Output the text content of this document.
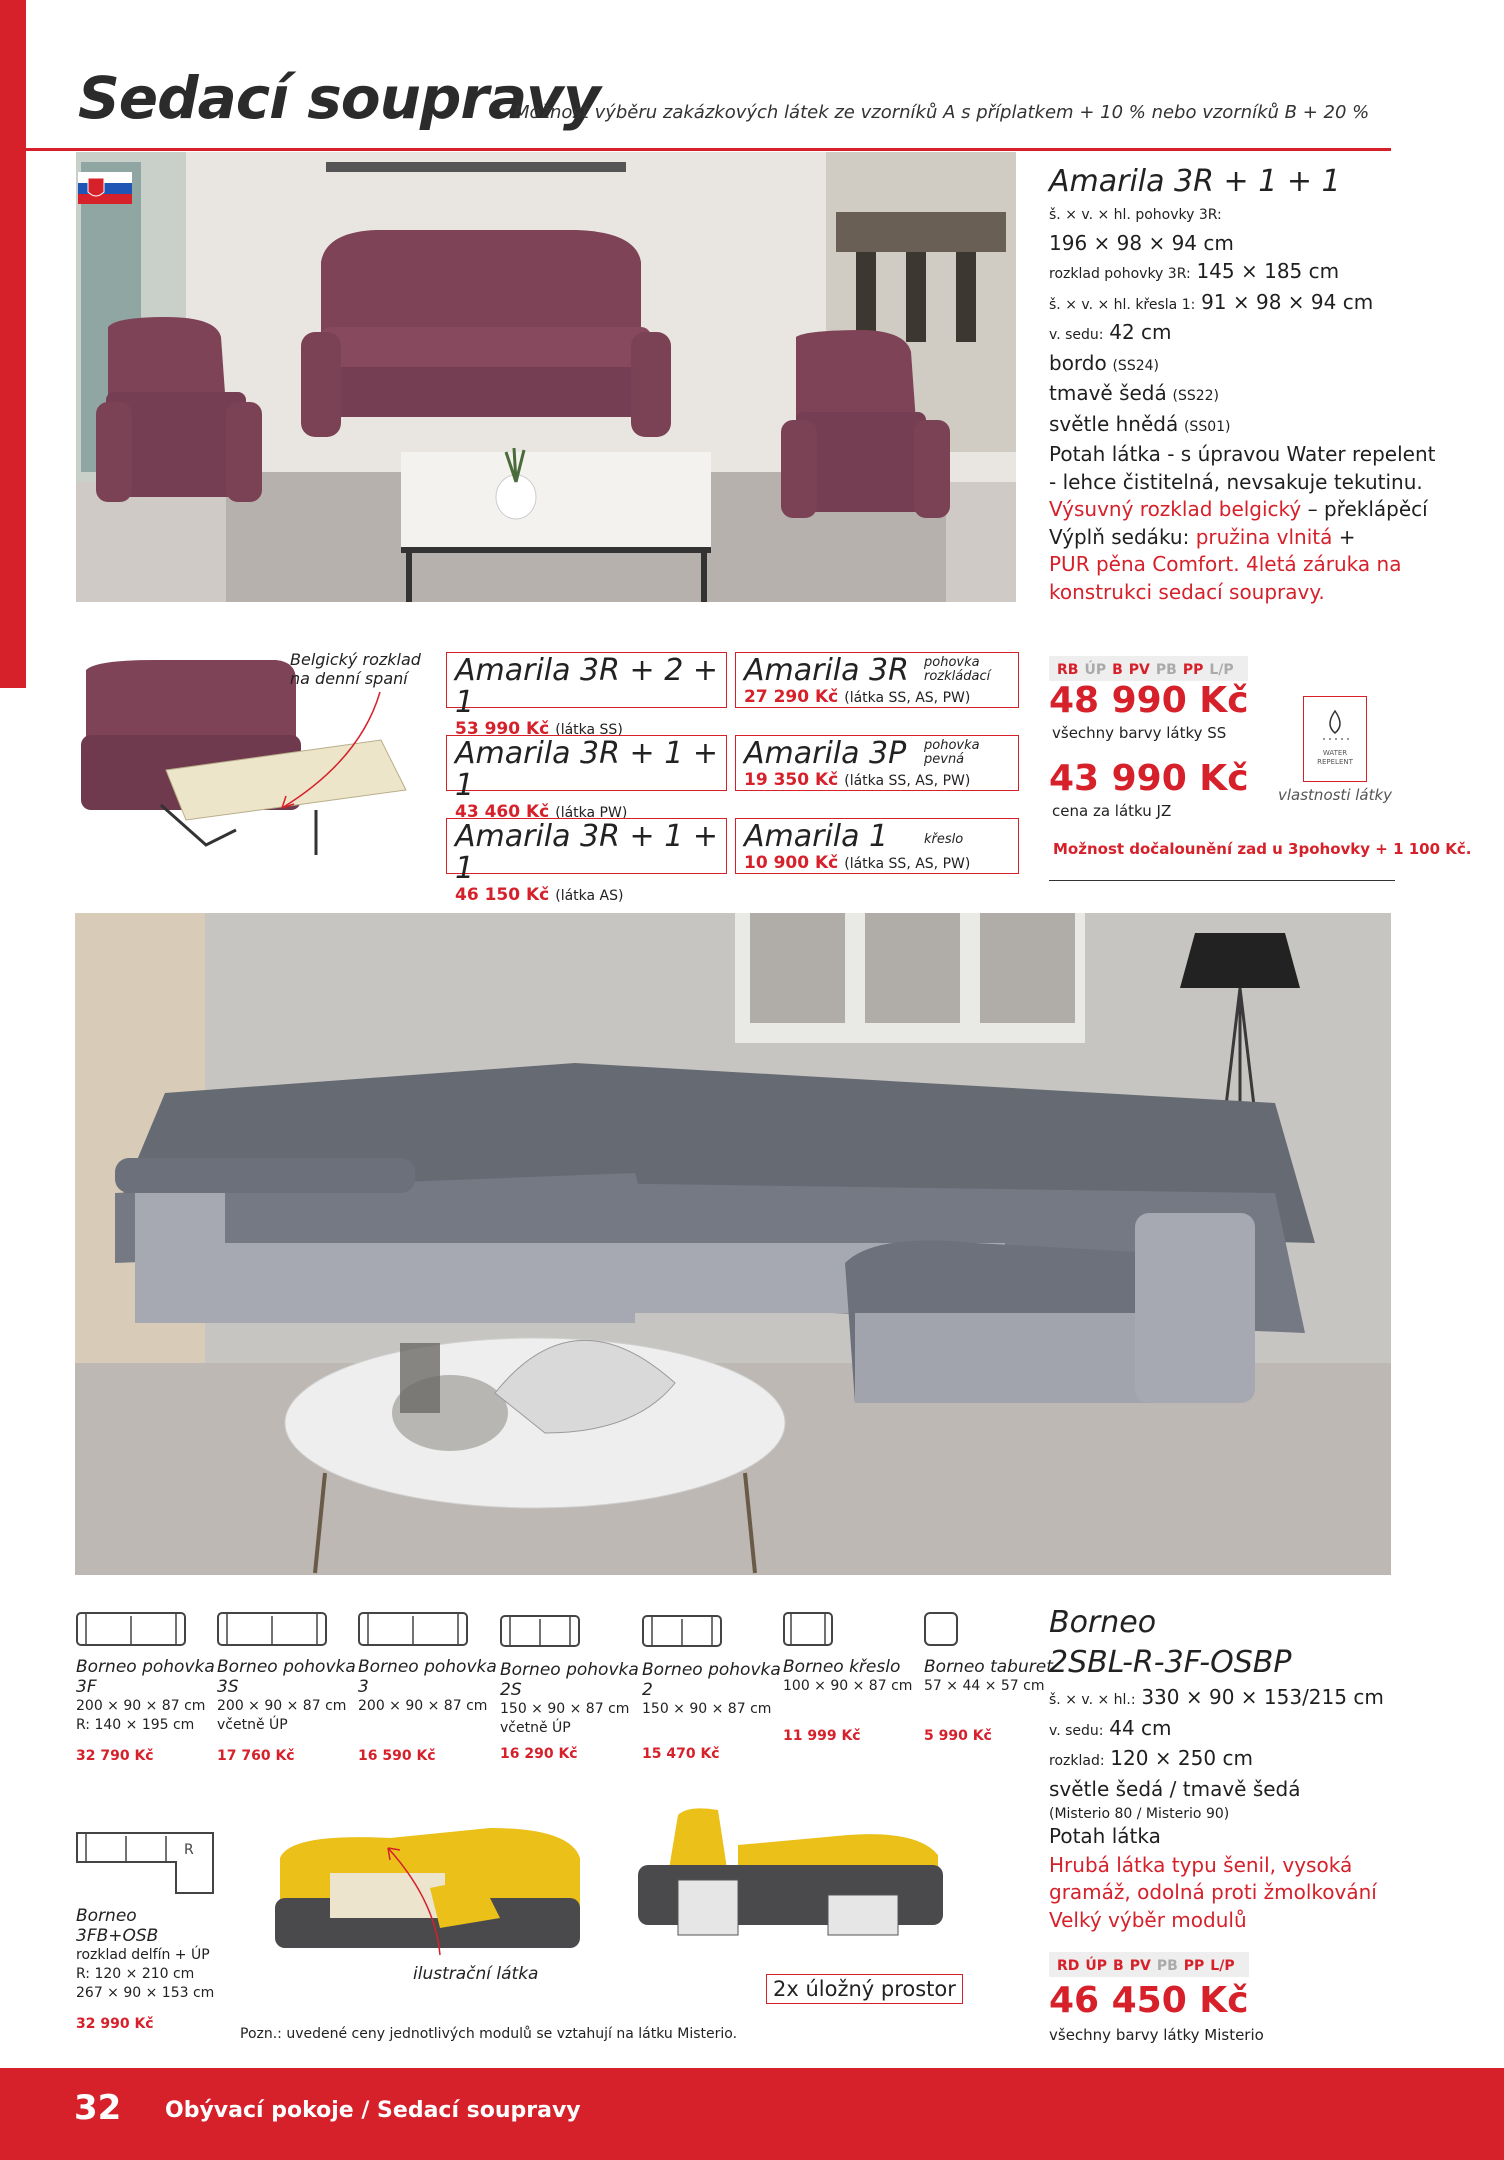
Sedací soupravy
Možnost výběru zakázkových látek ze vzorníků A s příplatkem + 10 % nebo vzorníků B + 20 %
Amarila 3R + 1 + 1
š. × v. × hl. pohovky 3R:
196 × 98 × 94 cm
rozklad pohovky 3R: 145 × 185 cm
š. × v. × hl. křesla 1: 91 × 98 × 94 cm
v. sedu: 42 cm
bordo (SS24)
tmavě šedá (SS22)
světle hnědá (SS01)
Potah látka - s úpravou Water repelent - lehce čistitelná, nevsakuje tekutinu.
Výsuvný rozklad belgický – překlápěcí
Výplň sedáku: pružina vlnitá +
PUR pěna Comfort. 4letá záruka na konstrukci sedací soupravy.
Belgický rozklad na denní spaní	Amarila 3R + 2 + 1
53 990 Kč (látka SS)
Amarila 3R	pohovka rozkládací
27 290 Kč (látka SS, AS, PW)
Amarila 3R + 1 + 1
43 460 Kč (látka PW)
Amarila 3P	pohovka pevná
19 350 Kč (látka SS, AS, PW)
Amarila 3R + 1 + 1
46 150 Kč (látka AS)
Amarila 1	křeslo
10 900 Kč (látka SS, AS, PW)
RB ÚP B PV PB PP L/P
48 990 Kč
všechny barvy látky SS
43 990 Kč
cena za látku JZ
WATER REPELENT
vlastnosti látky
Možnost dočalounění zad u 3pohovky + 1 100 Kč.
Borneo pohovka 3F
200 × 90 × 87 cm
R: 140 × 195 cm
32 790 Kč
Borneo pohovka 3S
200 × 90 × 87 cm
včetně ÚP
17 760 Kč
Borneo pohovka 3
200 × 90 × 87 cm
16 590 Kč
Borneo pohovka 2S
150 × 90 × 87 cm
včetně ÚP
16 290 Kč
Borneo pohovka 2
150 × 90 × 87 cm
15 470 Kč
Borneo křeslo
100 × 90 × 87 cm
11 999 Kč
Borneo taburet
57 × 44 × 57 cm
5 990 Kč
R
Borneo 3FB+OSB
rozklad delfín + ÚP
R: 120 × 210 cm
267 × 90 × 153 cm
32 990 Kč
ilustrační látka
2x úložný prostor
Pozn.: uvedené ceny jednotlivých modulů se vztahují na látku Misterio.
Borneo
2SBL-R-3F-OSBP
š. × v. × hl.: 330 × 90 × 153/215 cm
v. sedu: 44 cm
rozklad: 120 × 250 cm
světle šedá / tmavě šedá
(Misterio 80 / Misterio 90)
Potah látka
Hrubá látka typu šenil, vysoká gramáž, odolná proti žmolkování Velký výběr modulů
RD ÚP B PV PB PP L/P
46 450 Kč
všechny barvy látky Misterio
32 Obývací pokoje / Sedací soupravy
